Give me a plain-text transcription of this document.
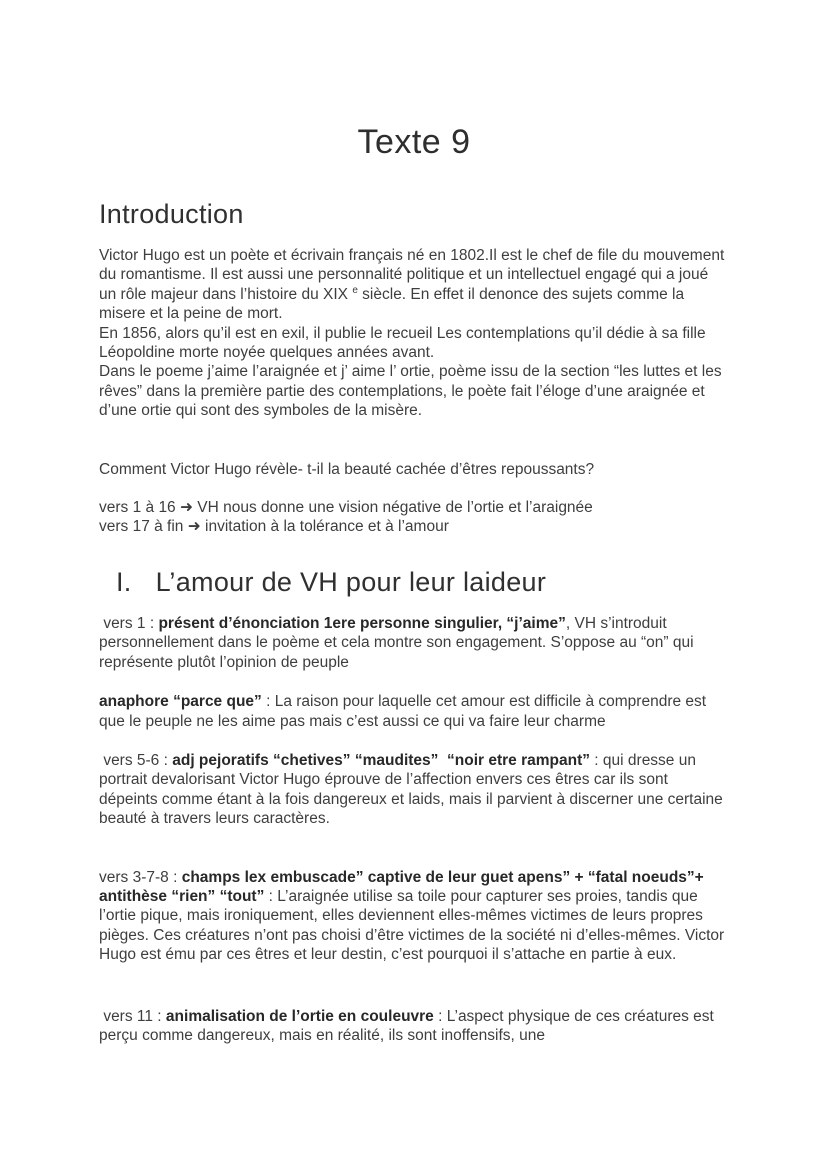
Texte 9
Introduction
Victor Hugo est un poète et écrivain français né en 1802.Il est le chef de file du mouvement du romantisme. Il est aussi une personnalité politique et un intellectuel engagé qui a joué un rôle majeur dans l’histoire du XIX $^e$ siècle. En effet il denonce des sujets comme la misere et la peine de mort.
En 1856, alors qu’il est en exil, il publie le recueil Les contemplations qu’il dédie à sa fille Léopoldine morte noyée quelques années avant.
Dans le poeme j’aime l’araignée et j’ aime l’ ortie, poème issu de la section “les luttes et les rêves” dans la première partie des contemplations, le poète fait l’éloge d’une araignée et d’une ortie qui sont des symboles de la misère.
Comment Victor Hugo révèle- t-il la beauté cachée d’êtres repoussants?

vers 1 à 16 ➜ VH nous donne une vision négative de l’ortie et l’araignée

vers 17 à fin ➜ invitation à la tolérance et à l’amour

I. L’amour de VH pour leur laideur
vers 1 : présent d’énonciation 1ere personne singulier, “j’aime”, VH s’introduit personnellement dans le poème et cela montre son engagement. S’oppose au “on” qui représente plutôt l’opinion de peuple
anaphore “parce que” : La raison pour laquelle cet amour est difficile à comprendre est que le peuple ne les aime pas mais c’est aussi ce qui va faire leur charme
vers 5-6 : adj pejoratifs “chetives” “maudites”  “noir etre rampant” : qui dresse un portrait devalorisant Victor Hugo éprouve de l’affection envers ces êtres car ils sont dépeints comme étant à la fois dangereux et laids, mais il parvient à discerner une certaine beauté à travers leurs caractères.
vers 3-7-8 : champs lex embuscade” captive de leur guet apens” + “fatal noeuds”+ antithèse “rien” “tout” : L’araignée utilise sa toile pour capturer ses proies, tandis que l’ortie pique, mais ironiquement, elles deviennent elles-mêmes victimes de leurs propres pièges. Ces créatures n’ont pas choisi d’être victimes de la société ni d’elles-mêmes. Victor Hugo est ému par ces êtres et leur destin, c’est pourquoi il s’attache en partie à eux.
vers 11 : animalisation de l’ortie en couleuvre : L’aspect physique de ces créatures est perçu comme dangereux, mais en réalité, ils sont inoffensifs, une
